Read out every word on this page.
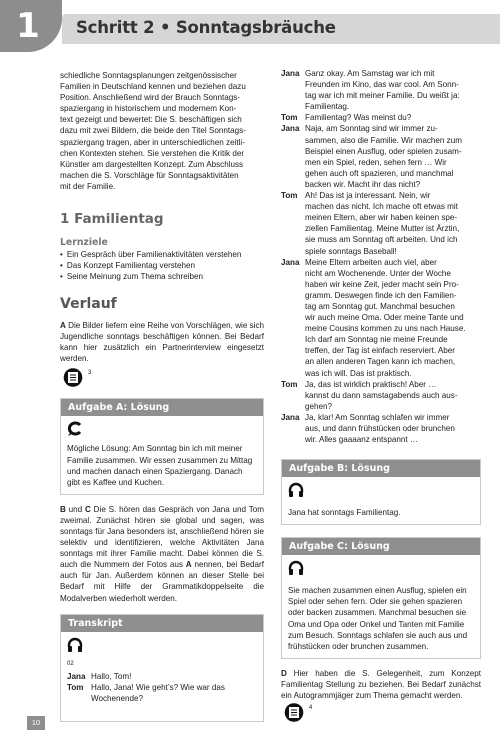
1 Schritt 2 • Sonntagsbräuche
schiedliche Sonntagsplanungen zeitgenössischer
Familien in Deutschland kennen und beziehen dazu
Position. Anschließend wird der Brauch Sonntags-
spaziergang in historischem und modernem Kon-
text gezeigt und bewertet: Die S. beschäftigen sich
dazu mit zwei Bildern, die beide den Titel Sonntags-
spaziergang tragen, aber in unterschiedlichen zeitli-
chen Kontexten stehen. Sie verstehen die Kritik der
Künstler am dargestellten Konzept. Zum Abschluss
machen die S. Vorschläge für Sonntagsaktivitäten
mit der Familie.
1 Familientag
Lernziele
• Ein Gespräch über Familienaktivitäten verstehen
• Das Konzept Familientag verstehen
• Seine Meinung zum Thema schreiben
Verlauf

A Die Bilder liefern eine Reihe von Vorschlägen, wie sich Jugendliche sonntags beschäftigen können. Bei Bedarf kann hier zusätzlich ein Partnerinterview eingesetzt werden.

3
Aufgabe A: Lösung

Mögliche Lösung: Am Sonntag bin ich mit meiner Familie zusammen. Wir essen zusammen zu Mittag und machen danach einen Spaziergang. Danach gibt es Kaffee und Kuchen.

B und C Die S. hören das Gespräch von Jana und Tom zweimal. Zunächst hören sie global und sagen, was sonntags für Jana besonders ist, anschließend hören sie selektiv und identifizieren, welche Aktivitäten Jana sonntags mit ihrer Familie macht. Dabei können die S. auch die Nummern der Fotos aus A nennen, bei Bedarf auch für Jan. Außerdem können an dieser Stelle bei Bedarf mit Hilfe der Grammatikdoppelseite die Modalverben wiederholt werden.

Transkript
02
Jana Hallo, Tom!
Tom Hallo, Jana! Wie geht’s? Wie war das
Wochenende?
Jana Ganz okay. Am Samstag war ich mit
Freunden im Kino, das war cool. Am Sonn-
tag war ich mit meiner Familie. Du weißt ja:
Familientag.
Tom Familientag? Was meinst du?
Jana Naja, am Sonntag sind wir immer zu-
sammen, also die Familie. Wir machen zum
Beispiel einen Ausflug, oder spielen zusam-
men ein Spiel, reden, sehen fern … Wir
gehen auch oft spazieren, und manchmal
backen wir. Macht ihr das nicht?
Tom Ah! Das ist ja interessant. Nein, wir
machen das nicht. Ich mache oft etwas mit
meinen Eltern, aber wir haben keinen spe-
ziellen Familientag. Meine Mutter ist Ärztin,
sie muss am Sonntag oft arbeiten. Und ich
spiele sonntags Baseball!
Jana Meine Eltern arbeiten auch viel, aber
nicht am Wochenende. Unter der Woche
haben wir keine Zeit, jeder macht sein Pro-
gramm. Deswegen finde ich den Familien-
tag am Sonntag gut. Manchmal besuchen
wir auch meine Oma. Oder meine Tante und
meine Cousins kommen zu uns nach Hause.
Ich darf am Sonntag nie meine Freunde
treffen, der Tag ist einfach reserviert. Aber
an allen anderen Tagen kann ich machen,
was ich will. Das ist praktisch.
Tom Ja, das ist wirklich praktisch! Aber …
kannst du dann samstagabends auch aus-
gehen?
Jana Ja, klar! Am Sonntag schlafen wir immer
aus, und dann frühstücken oder brunchen
wir. Alles gaaaanz entspannt …
Aufgabe B: Lösung

Jana hat sonntags Familientag.

Aufgabe C: Lösung

Sie machen zusammen einen Ausflug, spielen ein Spiel oder sehen fern. Oder sie gehen spazieren oder backen zusammen. Manchmal besuchen sie Oma und Opa oder Onkel und Tanten mit Familie zum Besuch. Sonntags schlafen sie auch aus und frühstücken oder brunchen zusammen.

D Hier haben die S. Gelegenheit, zum Konzept Familientag Stellung zu beziehen. Bei Bedarf zunächst ein Autogrammjäger zum Thema gemacht werden.

4
10
